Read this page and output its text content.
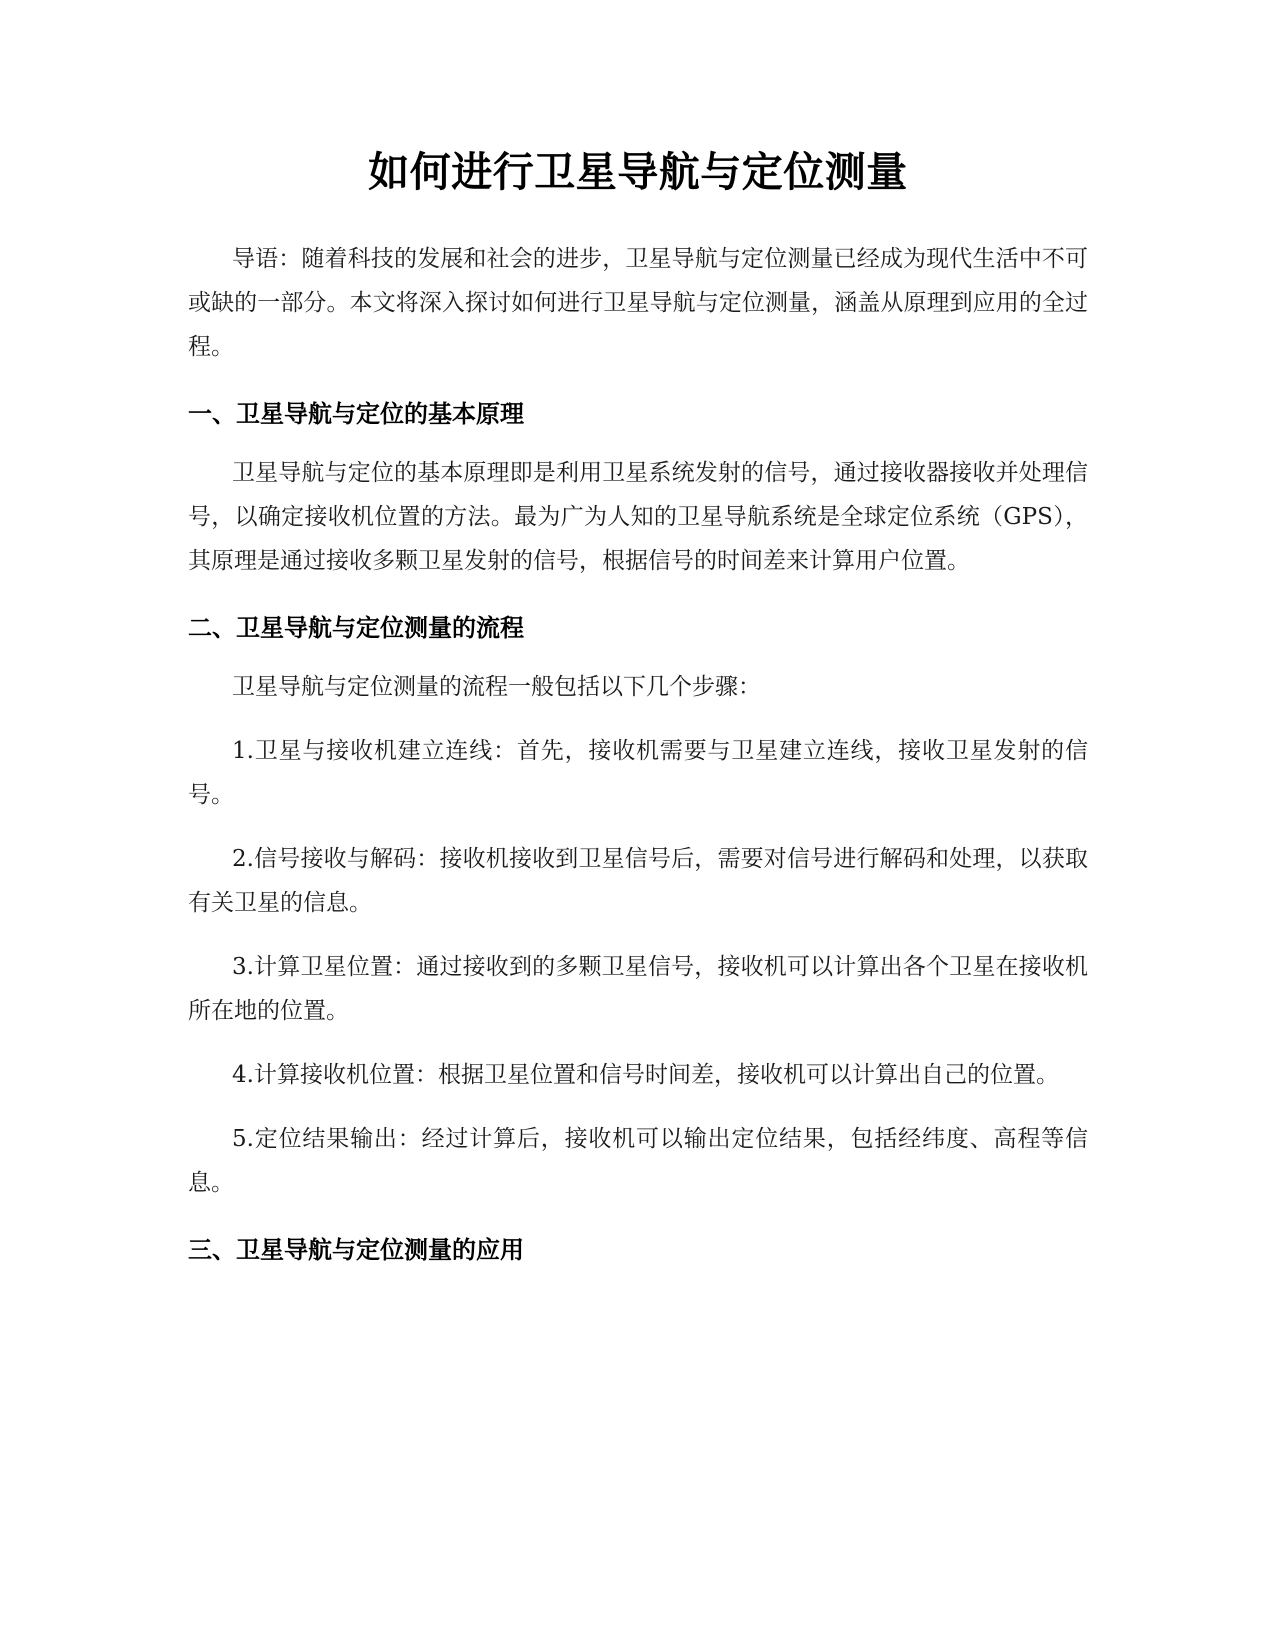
如何进行卫星导航与定位测量

导语：随着科技的发展和社会的进步，卫星导航与定位测量已经成为现代生活中不可或缺的一部分。本文将深入探讨如何进行卫星导航与定位测量，涵盖从原理到应用的全过程。

一、卫星导航与定位的基本原理

卫星导航与定位的基本原理即是利用卫星系统发射的信号，通过接收器接收并处理信号，以确定接收机位置的方法。最为广为人知的卫星导航系统是全球定位系统（GPS），其原理是通过接收多颗卫星发射的信号，根据信号的时间差来计算用户位置。

二、卫星导航与定位测量的流程

卫星导航与定位测量的流程一般包括以下几个步骤：

1.卫星与接收机建立连线：首先，接收机需要与卫星建立连线，接收卫星发射的信号。

2.信号接收与解码：接收机接收到卫星信号后，需要对信号进行解码和处理，以获取有关卫星的信息。

3.计算卫星位置：通过接收到的多颗卫星信号，接收机可以计算出各个卫星在接收机所在地的位置。

4.计算接收机位置：根据卫星位置和信号时间差，接收机可以计算出自己的位置。

5.定位结果输出：经过计算后，接收机可以输出定位结果，包括经纬度、高程等信息。

三、卫星导航与定位测量的应用
